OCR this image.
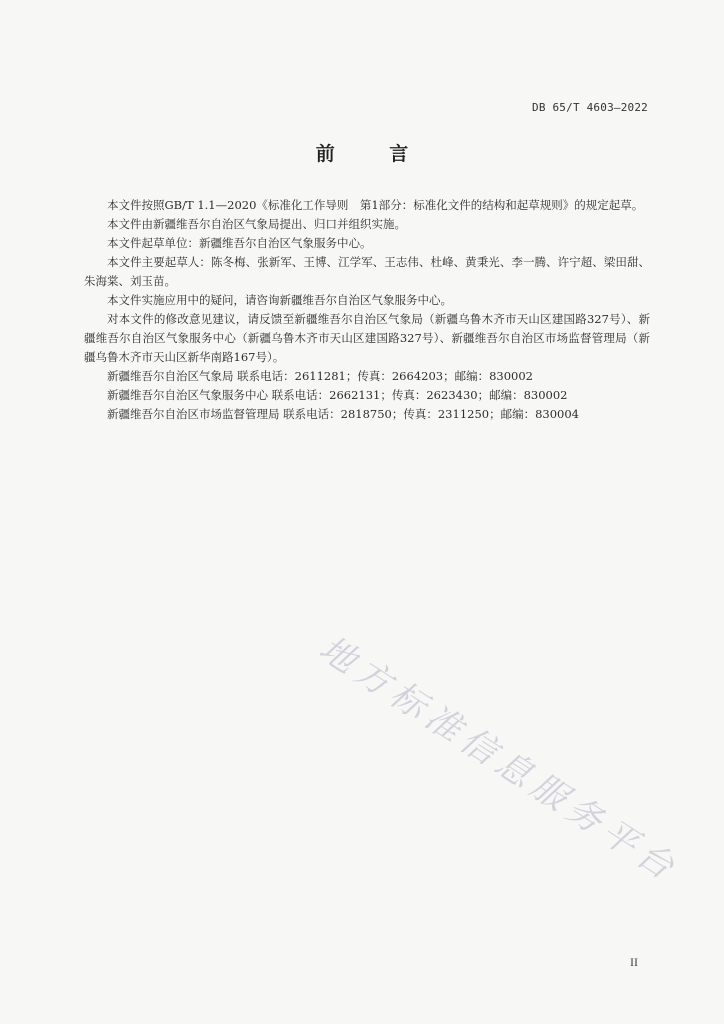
DB 65/T 4603—2022
前 言

本文件按照GB/T 1.1—2020《标准化工作导则　第1部分：标准化文件的结构和起草规则》的规定起草。

本文件由新疆维吾尔自治区气象局提出、归口并组织实施。

本文件起草单位：新疆维吾尔自治区气象服务中心。

本文件主要起草人：陈冬梅、张新军、王博、江学军、王志伟、杜峰、黄秉光、李一腾、许宁超、梁田甜、朱海棠、刘玉苗。

本文件实施应用中的疑问，请咨询新疆维吾尔自治区气象服务中心。

对本文件的修改意见建议，请反馈至新疆维吾尔自治区气象局（新疆乌鲁木齐市天山区建国路327号）、新疆维吾尔自治区气象服务中心（新疆乌鲁木齐市天山区建国路327号）、新疆维吾尔自治区市场监督管理局（新疆乌鲁木齐市天山区新华南路167号）。

新疆维吾尔自治区气象局 联系电话：2611281；传真：2664203；邮编：830002

新疆维吾尔自治区气象服务中心 联系电话：2662131；传真：2623430；邮编：830002

新疆维吾尔自治区市场监督管理局 联系电话：2818750；传真：2311250；邮编：830004

地方标准信息服务平台
II
